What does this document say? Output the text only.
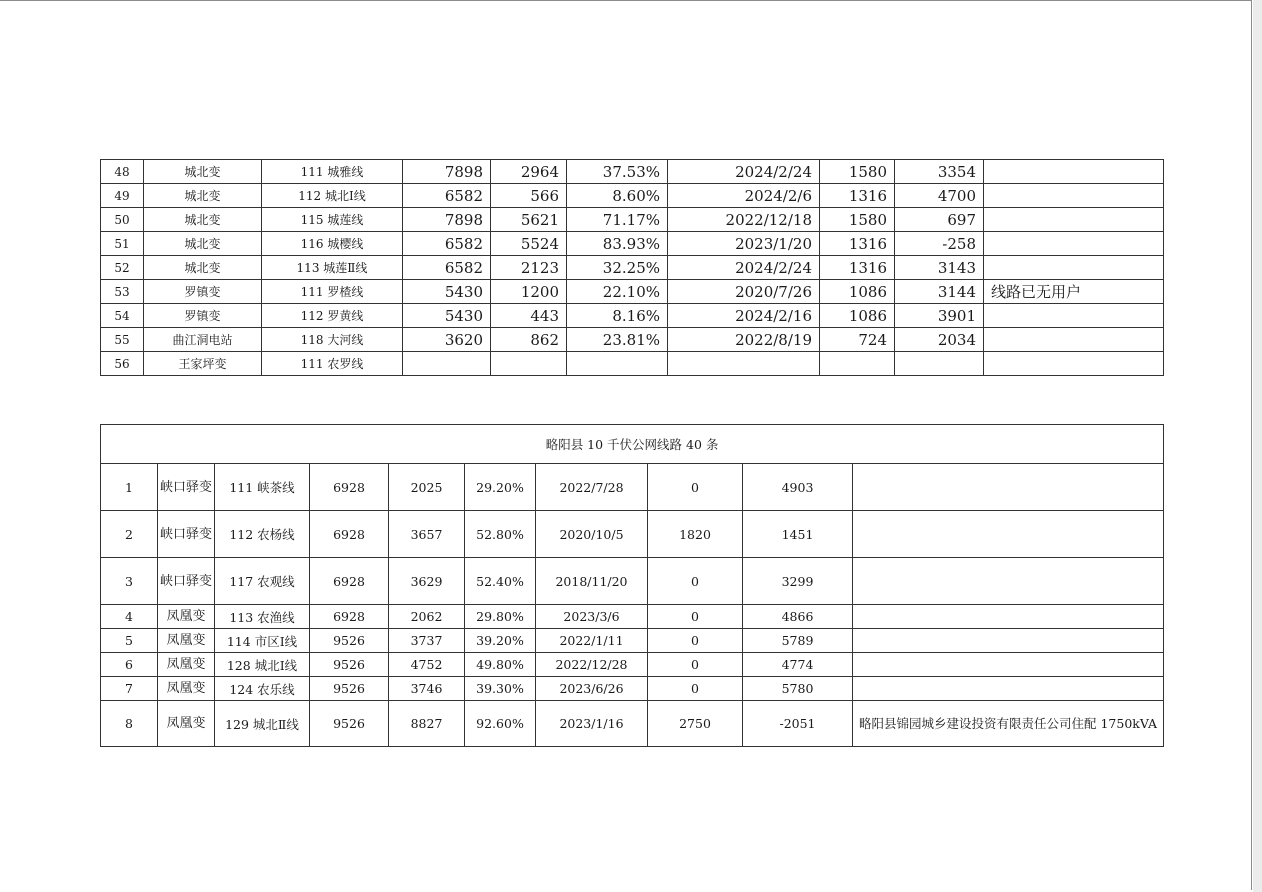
48	城北变	111 城雅线	7898	2964	37.53%	2024/2/24	1580	3354	
49	城北变	112 城北Ⅰ线	6582	566	8.60%	2024/2/6	1316	4700	
50	城北变	115 城莲线	7898	5621	71.17%	2022/12/18	1580	697	
51	城北变	116 城樱线	6582	5524	83.93%	2023/1/20	1316	-258	
52	城北变	113 城莲Ⅱ线	6582	2123	32.25%	2024/2/24	1316	3143	
53	罗镇变	111 罗楂线	5430	1200	22.10%	2020/7/26	1086	3144	线路已无用户
54	罗镇变	112 罗黄线	5430	443	8.16%	2024/2/16	1086	3901	
55	曲江洞电站	118 大河线	3620	862	23.81%	2022/8/19	724	2034	
56	王家坪变	111 农罗线							
略阳县 10 千伏公网线路 40 条									
1	峡口驿变	111 峡茶线	6928	2025	29.20%	2022/7/28	0	4903	
2	峡口驿变	112 农杨线	6928	3657	52.80%	2020/10/5	1820	1451	
3	峡口驿变	117 农观线	6928	3629	52.40%	2018/11/20	0	3299	
4	凤凰变	113 农渔线	6928	2062	29.80%	2023/3/6	0	4866	
5	凤凰变	114 市区Ⅰ线	9526	3737	39.20%	2022/1/11	0	5789	
6	凤凰变	128 城北Ⅰ线	9526	4752	49.80%	2022/12/28	0	4774	
7	凤凰变	124 农乐线	9526	3746	39.30%	2023/6/26	0	5780	
8	凤凰变	129 城北Ⅱ线	9526	8827	92.60%	2023/1/16	2750	-2051	略阳县锦园城乡建设投资有限责任公司住配 1750kVA
